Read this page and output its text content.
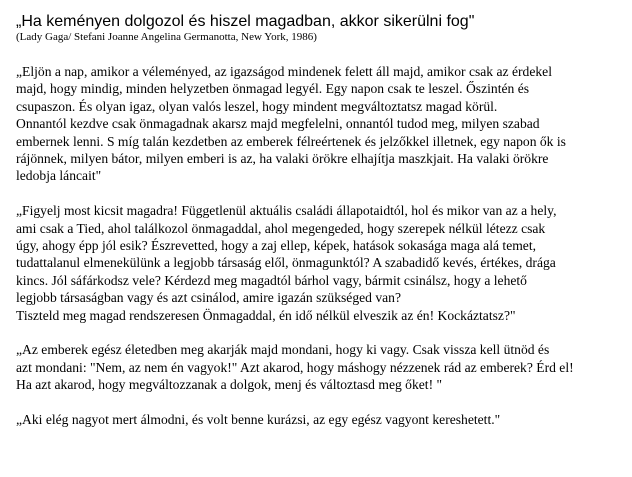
„Ha keményen dolgozol és hiszel magadban, akkor sikerülni fog"
(Lady Gaga/ Stefani Joanne Angelina Germanotta, New York, 1986)
„Eljön a nap, amikor a véleményed, az igazságod mindenek felett áll majd, amikor csak az érdekel
majd, hogy mindig, minden helyzetben önmagad legyél. Egy napon csak te leszel. Őszintén és
csupaszon. És olyan igaz, olyan valós leszel, hogy mindent megváltoztatsz magad körül.
Onnantól kezdve csak önmagadnak akarsz majd megfelelni, onnantól tudod meg, milyen szabad
embernek lenni. S míg talán kezdetben az emberek félreértenek és jelzőkkel illetnek, egy napon ők is
rájönnek, milyen bátor, milyen emberi is az, ha valaki örökre elhajítja maszkjait. Ha valaki örökre
ledobja láncait"
„Figyelj most kicsit magadra! Függetlenül aktuális családi állapotaidtól, hol és mikor van az a hely,
ami csak a Tied, ahol találkozol önmagaddal, ahol megengeded, hogy szerepek nélkül létezz csak
úgy, ahogy épp jól esik? Észrevetted, hogy a zaj ellep, képek, hatások sokasága maga alá temet,
tudattalanul elmenekülünk a legjobb társaság elől, önmagunktól? A szabadidő kevés, értékes, drága
kincs. Jól sáfárkodsz vele? Kérdezd meg magadtól bárhol vagy, bármit csinálsz, hogy a lehető
legjobb társaságban vagy és azt csinálod, amire igazán szükséged van?
Tiszteld meg magad rendszeresen Önmagaddal, én idő nélkül elveszik az én! Kockáztatsz?"
„Az emberek egész életedben meg akarják majd mondani, hogy ki vagy. Csak vissza kell ütnöd és
azt mondani: "Nem, az nem én vagyok!" Azt akarod, hogy máshogy nézzenek rád az emberek? Érd el!
Ha azt akarod, hogy megváltozzanak a dolgok, menj és változtasd meg őket! "
„Aki elég nagyot mert álmodni, és volt benne kurázsi, az egy egész vagyont kereshetett."
